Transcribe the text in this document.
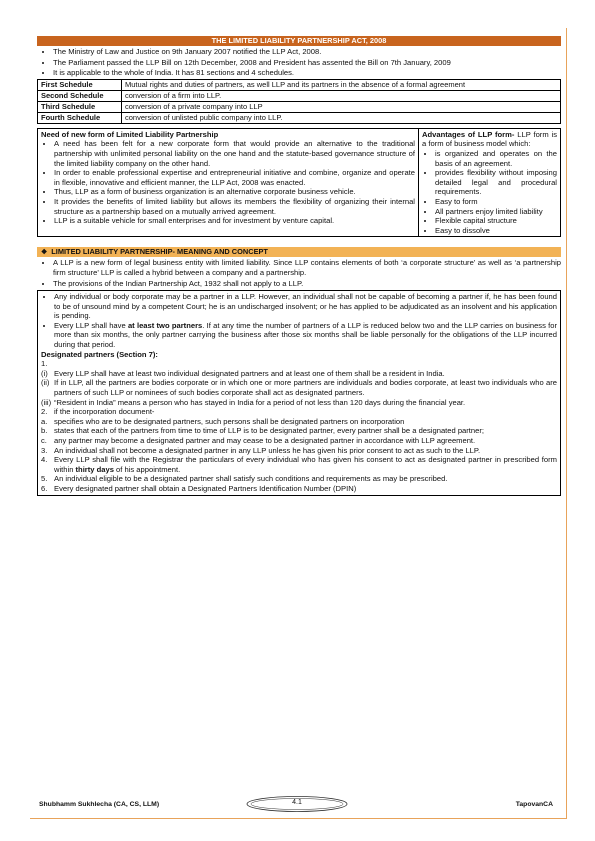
THE LIMITED LIABILITY PARTNERSHIP ACT, 2008
• The Ministry of Law and Justice on 9th January 2007 notified the LLP Act, 2008.
• The Parliament passed the LLP Bill on 12th December, 2008 and President has assented the Bill on 7th January, 2009
• It is applicable to the whole of India. It has 81 sections and 4 schedules.
First Schedule	Mutual rights and duties of partners, as well LLP and its partners in the absence of a formal agreement
Second Schedule	conversion of a firm into LLP.
Third Schedule	conversion of a private company into LLP
Fourth Schedule	conversion of unlisted public company into LLP.
Need of new form of Limited Liability Partnership
• A need has been felt for a new corporate form that would provide an alternative to the traditional partnership with unlimited personal liability on the one hand and the statute-based governance structure of the limited liability company on the other hand.
• In order to enable professional expertise and entrepreneurial initiative and combine, organize and operate in flexible, innovative and efficient manner, the LLP Act, 2008 was enacted.
• Thus, LLP as a form of business organization is an alternative corporate business vehicle.
• It provides the benefits of limited liability but allows its members the flexibility of organizing their internal structure as a partnership based on a mutually arrived agreement.
• LLP is a suitable vehicle for small enterprises and for investment by venture capital.
Advantages of LLP form- LLP form is a form of business model which:
• is organized and operates on the basis of an agreement.
• provides flexibility without imposing detailed legal and procedural requirements.
• Easy to form
• All partners enjoy limited liability
• Flexible capital structure
• Easy to dissolve
❖ LIMITED LIABILITY PARTNERSHIP- MEANING AND CONCEPT
• A LLP is a new form of legal business entity with limited liability. Since LLP contains elements of both ‘a corporate structure’ as well as ‘a partnership firm structure’ LLP is called a hybrid between a company and a partnership.
• The provisions of the Indian Partnership Act, 1932 shall not apply to a LLP.
• Any individual or body corporate may be a partner in a LLP. However, an individual shall not be capable of becoming a partner if, he has been found to be of unsound mind by a competent Court; he is an undischarged insolvent; or he has applied to be adjudicated as an insolvent and his application is pending.
• Every LLP shall have at least two partners. If at any time the number of partners of a LLP is reduced below two and the LLP carries on business for more than six months, the only partner carrying the business after those six months shall be liable personally for the obligations of the LLP incurred during that period.
Designated partners (Section 7):
1.
(i) Every LLP shall have at least two individual designated partners and at least one of them shall be a resident in India.
(ii) If in LLP, all the partners are bodies corporate or in which one or more partners are individuals and bodies corporate, at least two individuals who are partners of such LLP or nominees of such bodies corporate shall act as designated partners.
(iii) “Resident in India” means a person who has stayed in India for a period of not less than 120 days during the financial year.
2. if the incorporation document-
a. specifies who are to be designated partners, such persons shall be designated partners on incorporation
b. states that each of the partners from time to time of LLP is to be designated partner, every partner shall be a designated partner;
c. any partner may become a designated partner and may cease to be a designated partner in accordance with LLP agreement.
3. An individual shall not become a designated partner in any LLP unless he has given his prior consent to act as such to the LLP.
4. Every LLP shall file with the Registrar the particulars of every individual who has given his consent to act as designated partner in prescribed form within thirty days of his appointment.
5. An individual eligible to be a designated partner shall satisfy such conditions and requirements as may be prescribed.
6. Every designated partner shall obtain a Designated Partners Identification Number (DPIN)
Shubhamm Sukhlecha (CA, CS, LLM)	4.1	TapovanCA
